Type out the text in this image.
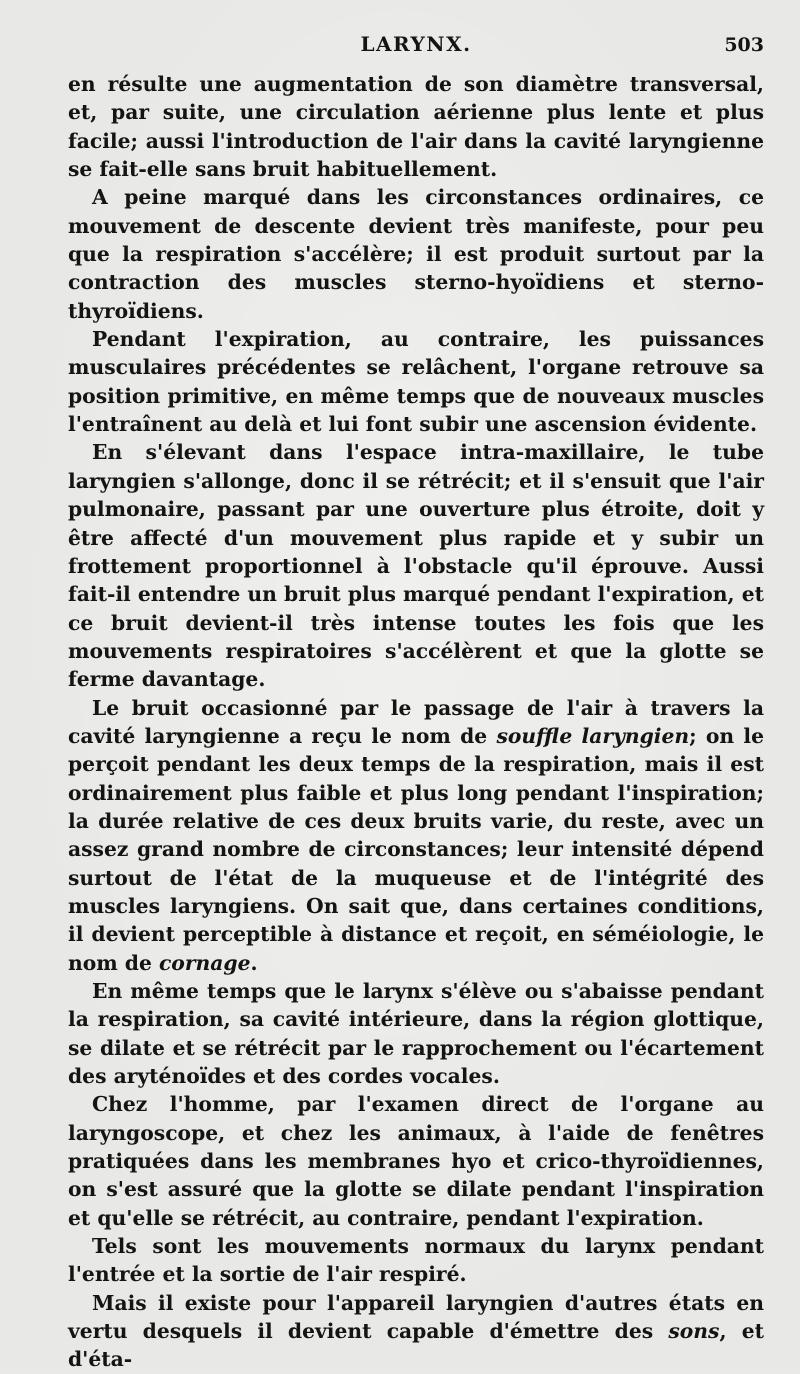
LARYNX.	503

en résulte une augmentation de son diamètre transversal, et, par suite, une circulation aérienne plus lente et plus facile; aussi l'introduction de l'air dans la cavité laryngienne se fait-elle sans bruit habituellement.

A peine marqué dans les circonstances ordinaires, ce mouvement de descente devient très manifeste, pour peu que la respiration s'accélère; il est produit surtout par la contraction des muscles sterno-hyoïdiens et sterno-thyroïdiens.

Pendant l'expiration, au contraire, les puissances musculaires précédentes se relâchent, l'organe retrouve sa position primitive, en même temps que de nouveaux muscles l'entraînent au delà et lui font subir une ascension évidente.

En s'élevant dans l'espace intra-maxillaire, le tube laryngien s'allonge, donc il se rétrécit; et il s'ensuit que l'air pulmonaire, passant par une ouverture plus étroite, doit y être affecté d'un mouvement plus rapide et y subir un frottement proportionnel à l'obstacle qu'il éprouve. Aussi fait-il entendre un bruit plus marqué pendant l'expiration, et ce bruit devient-il très intense toutes les fois que les mouvements respiratoires s'accélèrent et que la glotte se ferme davantage.

Le bruit occasionné par le passage de l'air à travers la cavité laryngienne a reçu le nom de souffle laryngien; on le perçoit pendant les deux temps de la respiration, mais il est ordinairement plus faible et plus long pendant l'inspiration; la durée relative de ces deux bruits varie, du reste, avec un assez grand nombre de circonstances; leur intensité dépend surtout de l'état de la muqueuse et de l'intégrité des muscles laryngiens. On sait que, dans certaines conditions, il devient perceptible à distance et reçoit, en séméiologie, le nom de cornage.

En même temps que le larynx s'élève ou s'abaisse pendant la respiration, sa cavité intérieure, dans la région glottique, se dilate et se rétrécit par le rapprochement ou l'écartement des aryténoïdes et des cordes vocales.

Chez l'homme, par l'examen direct de l'organe au laryngoscope, et chez les animaux, à l'aide de fenêtres pratiquées dans les membranes hyo et crico-thyroïdiennes, on s'est assuré que la glotte se dilate pendant l'inspiration et qu'elle se rétrécit, au contraire, pendant l'expiration.

Tels sont les mouvements normaux du larynx pendant l'entrée et la sortie de l'air respiré.

Mais il existe pour l'appareil laryngien d'autres états en vertu desquels il devient capable d'émettre des sons, et d'éta-
